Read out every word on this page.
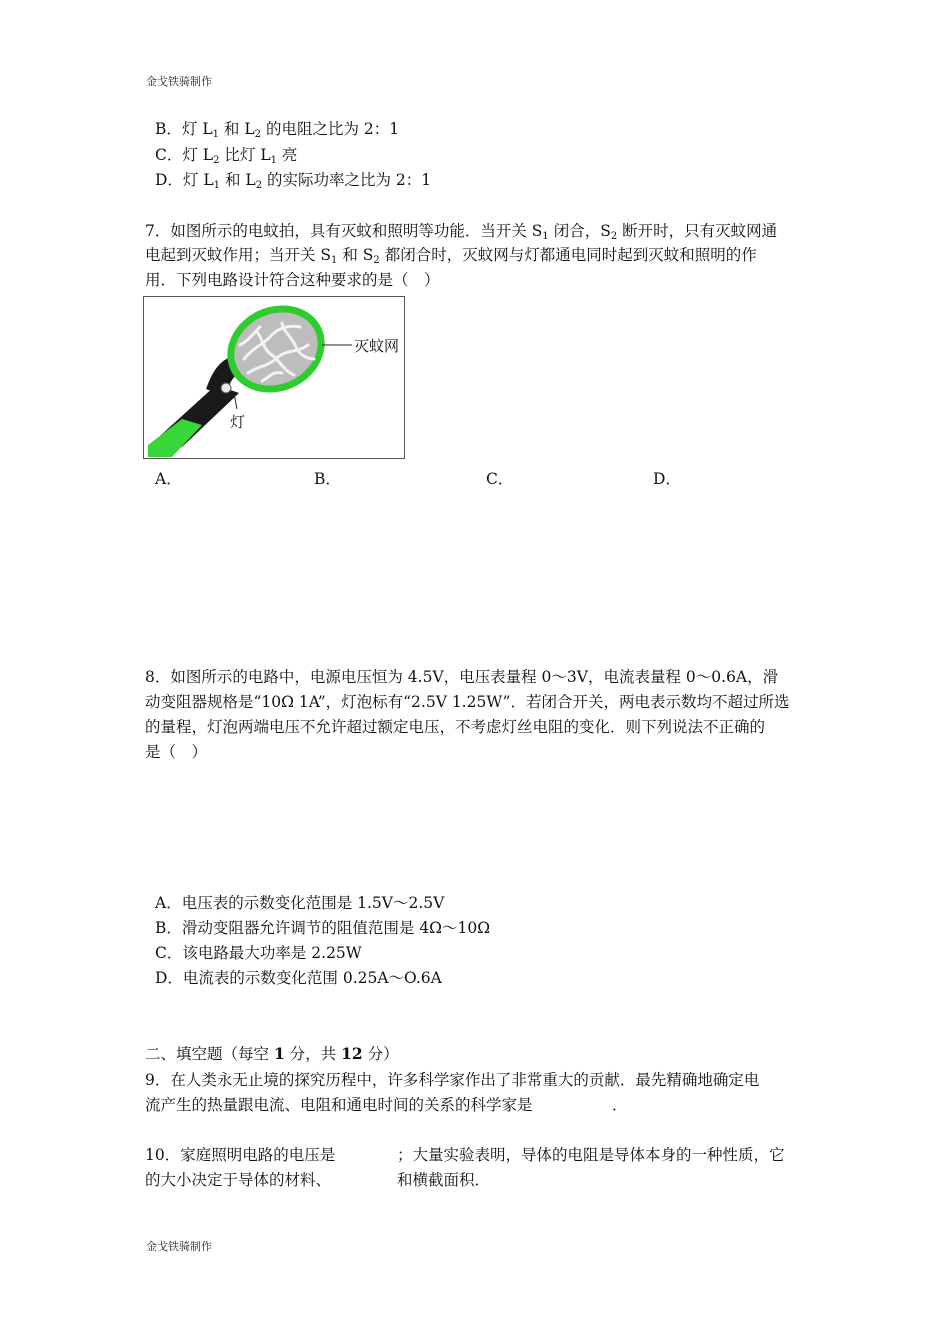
金戈铁骑制作
B．灯 $L_1$ 和 $L_2$ 的电阻之比为 2：1
C．灯 $L_2$ 比灯 $L_1$ 亮
D．灯 $L_1$ 和 $L_2$ 的实际功率之比为 2：1
7．如图所示的电蚊拍，具有灭蚊和照明等功能．当开关 $S_1$ 闭合，$S_2$ 断开时，只有灭蚊网通
电起到灭蚊作用；当开关 $S_1$ 和 $S_2$ 都闭合时，灭蚊网与灯都通电同时起到灭蚊和照明的作
用．下列电路设计符合这种要求的是（　）
灭蚊网
灯
A．	B．	C．	D．
8．如图所示的电路中，电源电压恒为 4.5V，电压表量程 0～3V，电流表量程 0～0.6A，滑
动变阻器规格是“10Ω 1A”，灯泡标有“2.5V 1.25W”．若闭合开关，两电表示数均不超过所选
的量程，灯泡两端电压不允许超过额定电压，不考虑灯丝电阻的变化．则下列说法不正确的
是（　）
A．电压表的示数变化范围是 1.5V～2.5V
B．滑动变阻器允许调节的阻值范围是 4Ω～10Ω
C．该电路最大功率是 2.25W
D．电流表的示数变化范围 0.25A～O.6A
二、填空题（每空 1 分，共 12 分）
9．在人类永无止境的探究历程中，许多科学家作出了非常重大的贡献．最先精确地确定电
流产生的热量跟电流、电阻和通电时间的关系的科学家是	．
10．家庭照明电路的电压是	；大量实验表明，导体的电阻是导体本身的一种性质，它
的大小决定于导体的材料、	和横截面积．
金戈铁骑制作
